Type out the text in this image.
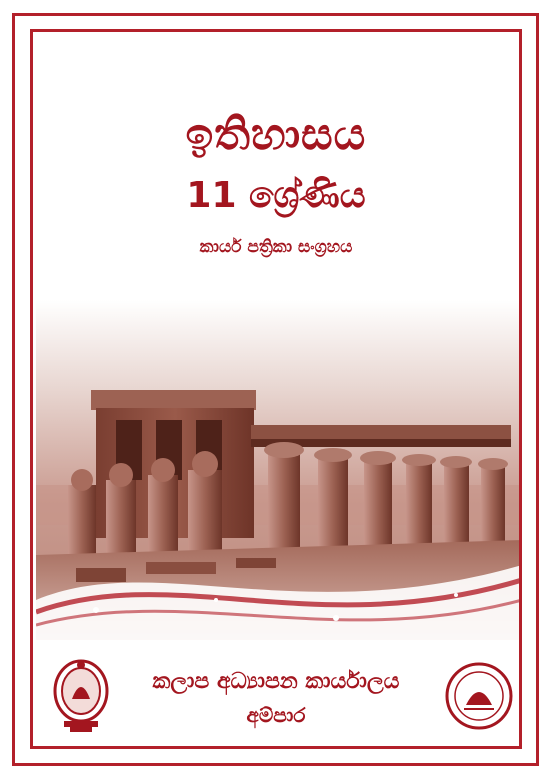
ඉතිහාසය
11 ශ්‍රේණිය
කාර්ය පත්‍රිකා සංග්‍රහය
කලාප අධ්‍යාපන කාර්යාලය
අම්පාර
